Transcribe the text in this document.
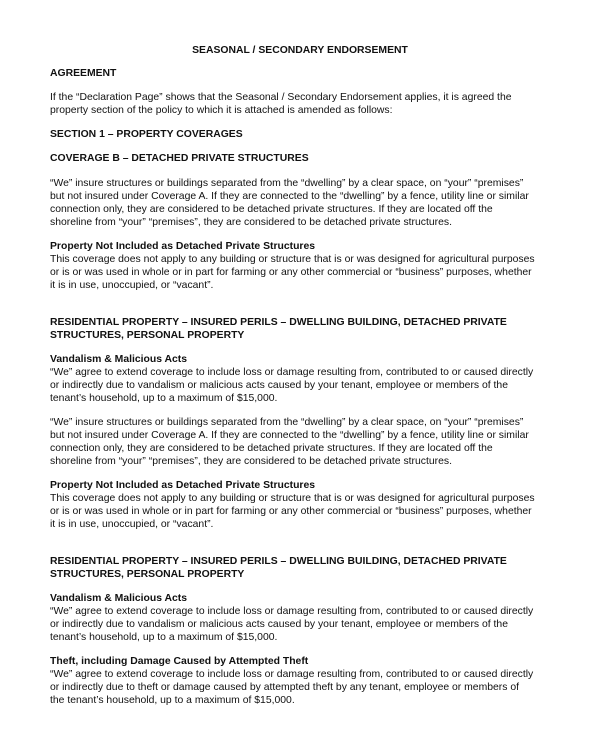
SEASONAL / SECONDARY ENDORSEMENT
AGREEMENT
If the “Declaration Page” shows that the Seasonal / Secondary Endorsement applies, it is agreed the
property section of the policy to which it is attached is amended as follows:
SECTION 1 – PROPERTY COVERAGES
COVERAGE B – DETACHED PRIVATE STRUCTURES
“We” insure structures or buildings separated from the “dwelling” by a clear space, on “your” “premises”
but not insured under Coverage A. If they are connected to the “dwelling” by a fence, utility line or similar
connection only, they are considered to be detached private structures. If they are located off the
shoreline from “your” “premises”, they are considered to be detached private structures.
Property Not Included as Detached Private Structures
This coverage does not apply to any building or structure that is or was designed for agricultural purposes
or is or was used in whole or in part for farming or any other commercial or “business” purposes, whether
it is in use, unoccupied, or “vacant”.
RESIDENTIAL PROPERTY – INSURED PERILS – DWELLING BUILDING, DETACHED PRIVATE
STRUCTURES, PERSONAL PROPERTY
Vandalism & Malicious Acts
“We” agree to extend coverage to include loss or damage resulting from, contributed to or caused directly
or indirectly due to vandalism or malicious acts caused by your tenant, employee or members of the
tenant’s household, up to a maximum of $15,000.
“We” insure structures or buildings separated from the “dwelling” by a clear space, on “your” “premises”
but not insured under Coverage A. If they are connected to the “dwelling” by a fence, utility line or similar
connection only, they are considered to be detached private structures. If they are located off the
shoreline from “your” “premises”, they are considered to be detached private structures.
Property Not Included as Detached Private Structures
This coverage does not apply to any building or structure that is or was designed for agricultural purposes
or is or was used in whole or in part for farming or any other commercial or “business” purposes, whether
it is in use, unoccupied, or “vacant”.
RESIDENTIAL PROPERTY – INSURED PERILS – DWELLING BUILDING, DETACHED PRIVATE
STRUCTURES, PERSONAL PROPERTY
Vandalism & Malicious Acts
“We” agree to extend coverage to include loss or damage resulting from, contributed to or caused directly
or indirectly due to vandalism or malicious acts caused by your tenant, employee or members of the
tenant’s household, up to a maximum of $15,000.
Theft, including Damage Caused by Attempted Theft
“We” agree to extend coverage to include loss or damage resulting from, contributed to or caused directly
or indirectly due to theft or damage caused by attempted theft by any tenant, employee or members of
the tenant’s household, up to a maximum of $15,000.
